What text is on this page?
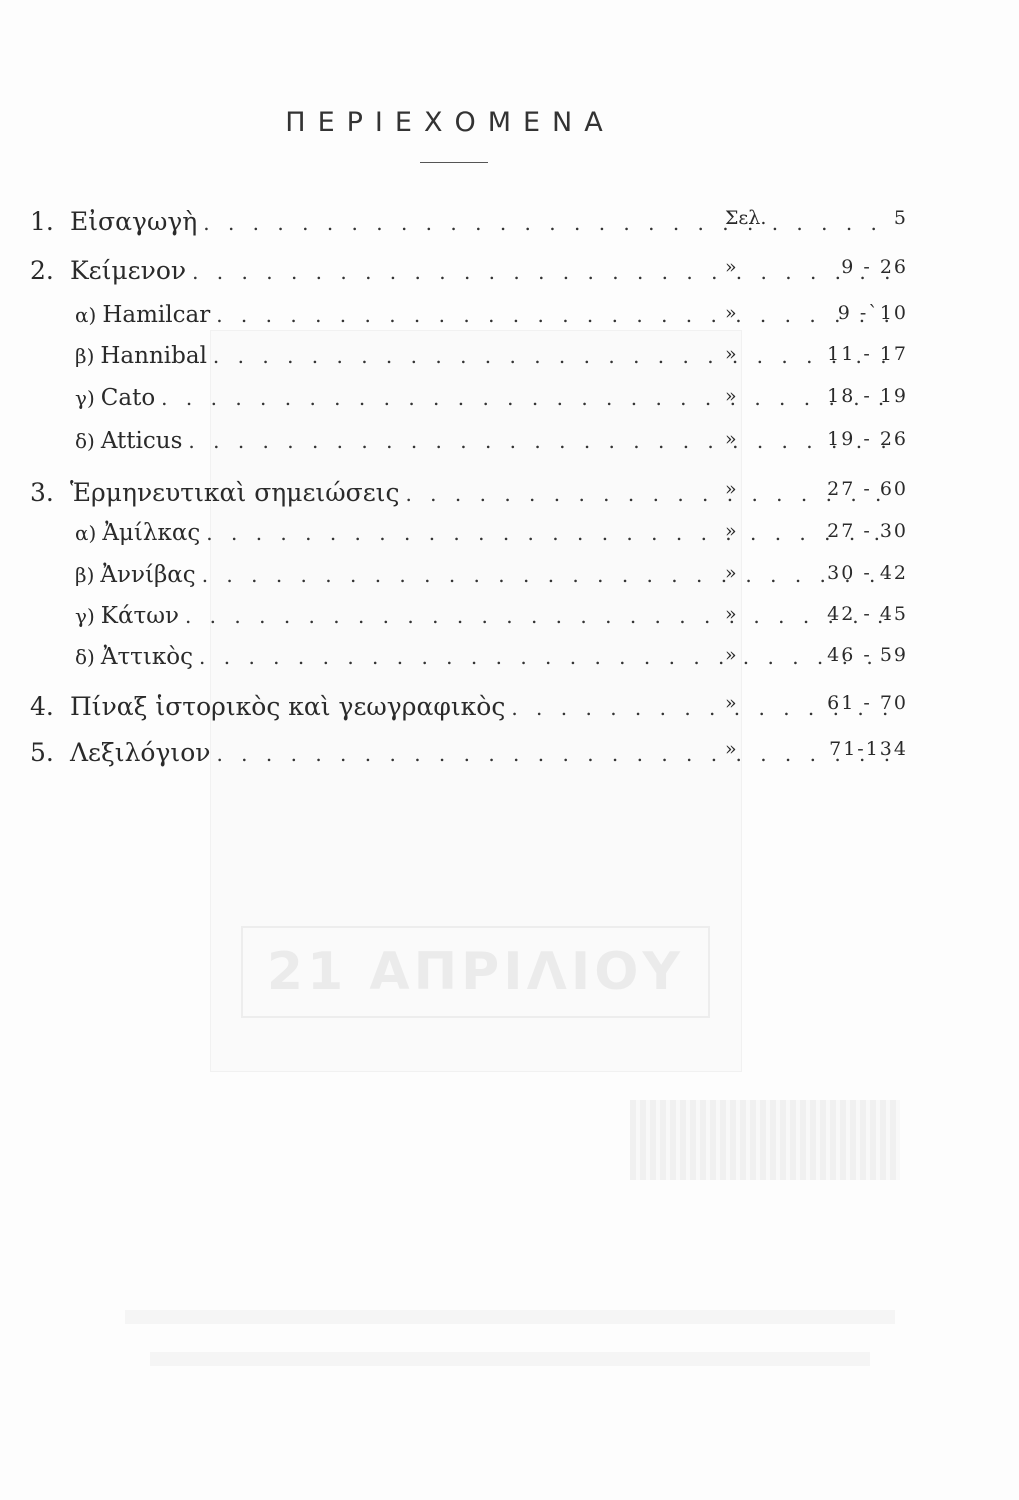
21 ΑΠΡΙΛΙΟΥ
ΠΕΡΙΕΧΟΜΕΝΑ
1. Εἰσαγωγὴ . . .	Σελ.	5
2. Κείμενον . . .	»	9 - 26
α) Hamilcar . . .	»	9 -`10
β) Hannibal . . .	»	11 - 17
γ) Cato . . .	»	18 - 19
δ) Atticus . . .	»	19 - 26
3. Ἑρμηνευτικαὶ σημειώσεις . . .	»	27 - 60
α) Ἀμίλκας . . .	»	27 - 30
β) Ἀννίβας . . .	»	30 - 42
γ) Κάτων . . .	»	42 - 45
δ) Ἀττικὸς . . .	»	46 - 59
4. Πίναξ ἱστορικὸς καὶ γεωγραφικὸς . . .	»	61 - 70
5. Λεξιλόγιον . . .	»	71-134
